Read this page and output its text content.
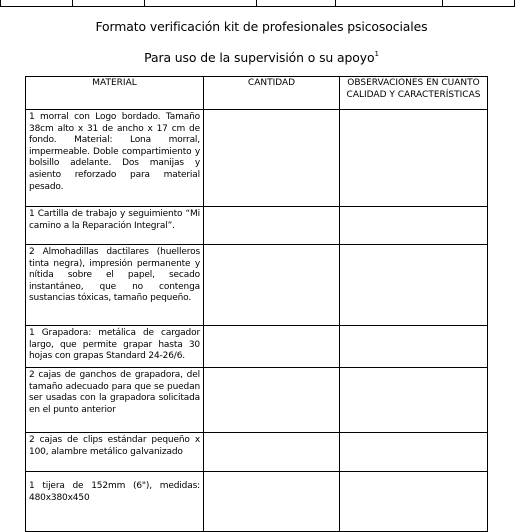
Formato verificación kit de profesionales psicosociales
Para uso de la supervisión o su apoyo$^1$
MATERIAL	CANTIDAD	OBSERVACIONES EN CUANTO CALIDAD Y CARACTERÍSTICAS
1 morral con Logo bordado. Tamaño 38cm alto x 31 de ancho x 17 cm de fondo. Material: Lona morral, impermeable. Doble compartimiento y bolsillo adelante. Dos manijas y asiento reforzado para material pesado.		
1 Cartilla de trabajo y seguimiento “Mi camino a la Reparación Integral”.		
2 Almohadillas dactilares (huelleros tinta negra), impresión permanente y nítida sobre el papel, secado instantáneo, que no contenga sustancias tóxicas, tamaño pequeño.		
1 Grapadora: metálica de cargador largo, que permite grapar hasta 30 hojas con grapas Standard 24-26/6.		
2 cajas de ganchos de grapadora, del tamaño adecuado para que se puedan ser usadas con la grapadora solicitada en el punto anterior		
2 cajas de clips estándar pequeño x 100, alambre metálico galvanizado		
1 tijera de 152mm (6"), medidas: 480x380x450		
